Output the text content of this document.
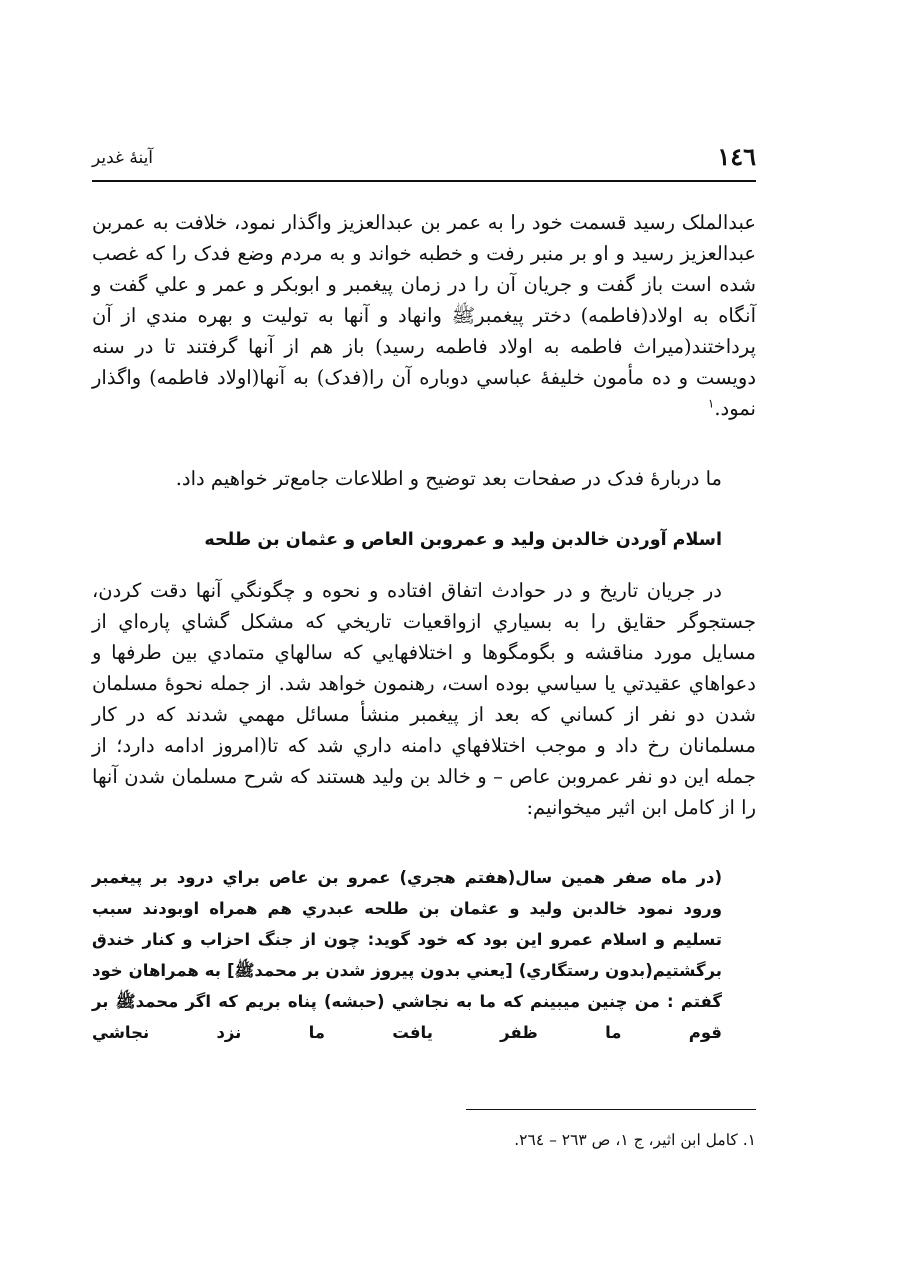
آينۀ غدير	١٤٦

عبدالملک رسيد قسمت خود را به عمر بن عبدالعزيز واگذار نمود، خلافت به عمربن عبدالعزيز رسيد و او بر منبر رفت و خطبه خواند و به مردم وضع فدک را که غصب شده است باز گفت و جريان آن را در زمان پيغمبر و ابوبکر و عمر و علي گفت و آنگاه به اولاد(فاطمه) دختر پيغمبرﷺ وانهاد و آنها به توليت و بهره مندي از آن پرداختند(ميراث فاطمه به اولاد فاطمه رسيد) باز هم از آنها گرفتند تا در سنه دويست و ده مأمون خليفۀ عباسي دوباره آن را(فدک) به آنها(اولاد فاطمه) واگذار نمود.$^١$

ما دربارۀ فدک در صفحات بعد توضيح و اطلاعات جامع‌تر خواهيم داد.

اسلام آوردن خالدبن وليد و عمروبن العاص و عثمان بن طلحه

در جريان تاريخ و در حوادث اتفاق افتاده و نحوه و چگونگي آنها دقت کردن، جستجوگر حقايق را به بسياري ازواقعيات تاريخي که مشکل گشاي پاره‌اي از مسايل مورد مناقشه و بگومگوها و اختلافهايي که سالهاي متمادي بين طرفها و دعواهاي عقيدتي يا سياسي بوده است، رهنمون خواهد شد. از جمله نحوۀ مسلمان شدن دو نفر از کساني که بعد از پيغمبر منشأ مسائل مهمي شدند که در کار مسلمانان رخ داد و موجب اختلافهاي دامنه داري شد که تا(امروز ادامه دارد؛ از جمله اين دو نفر عمروبن عاص – و خالد بن وليد هستند که شرح مسلمان شدن آنها را از کامل ابن اثير ميخوانيم:

(در ماه صفر همين سال(هفتم هجري) عمرو بن عاص براي درود بر پيغمبر ورود نمود خالدبن وليد و عثمان بن طلحه عبدري هم همراه اوبودند سبب تسليم و اسلام عمرو اين بود که خود گويد: چون از جنگ احزاب و کنار خندق برگشتيم(بدون رستگاري) [يعني بدون پيروز شدن بر محمدﷺ] به همراهان خود گفتم : من چنين ميبينم که ما به نجاشي (حبشه) پناه بريم که اگر محمدﷺ بر قوم ما ظفر يافت ما نزد نجاشي
١. کامل ابن اثير، ج ١، ص ٢٦٣ – ٢٦٤.
